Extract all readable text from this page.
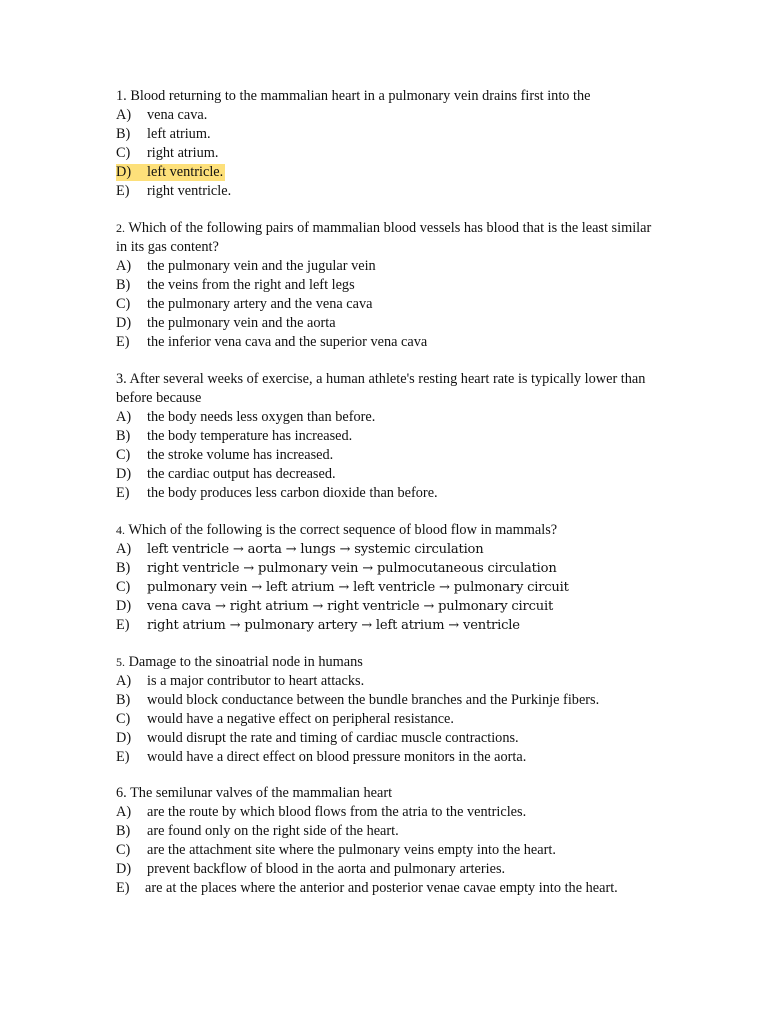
1. Blood returning to the mammalian heart in a pulmonary vein drains first into the
A) vena cava.
B) left atrium.
C) right atrium.
D) left ventricle.
E) right ventricle.
2. Which of the following pairs of mammalian blood vessels has blood that is the least similar in its gas content?
A) the pulmonary vein and the jugular vein
B) the veins from the right and left legs
C) the pulmonary artery and the vena cava
D) the pulmonary vein and the aorta
E) the inferior vena cava and the superior vena cava
3. After several weeks of exercise, a human athlete's resting heart rate is typically lower than before because
A) the body needs less oxygen than before.
B) the body temperature has increased.
C) the stroke volume has increased.
D) the cardiac output has decreased.
E) the body produces less carbon dioxide than before.
4. Which of the following is the correct sequence of blood flow in mammals?
A) left ventricle → aorta → lungs → systemic circulation
B) right ventricle → pulmonary vein → pulmocutaneous circulation
C) pulmonary vein → left atrium → left ventricle → pulmonary circuit
D) vena cava → right atrium → right ventricle → pulmonary circuit
E) right atrium → pulmonary artery → left atrium → ventricle
5. Damage to the sinoatrial node in humans
A) is a major contributor to heart attacks.
B) would block conductance between the bundle branches and the Purkinje fibers.
C) would have a negative effect on peripheral resistance.
D) would disrupt the rate and timing of cardiac muscle contractions.
E) would have a direct effect on blood pressure monitors in the aorta.
6. The semilunar valves of the mammalian heart
A) are the route by which blood flows from the atria to the ventricles.
B) are found only on the right side of the heart.
C) are the attachment site where the pulmonary veins empty into the heart.
D) prevent backflow of blood in the aorta and pulmonary arteries.
E) are at the places where the anterior and posterior venae cavae empty into the heart.
